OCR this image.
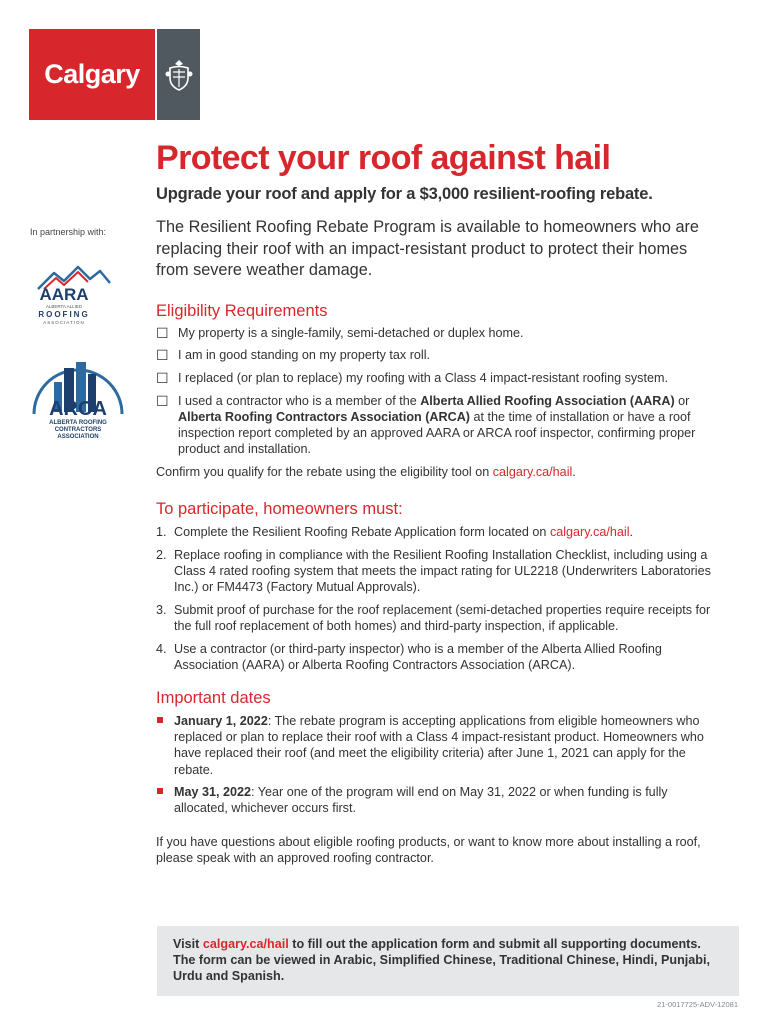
Calgary
In partnership with:
AARA
ALBERTA ALLIED
ROOFING
ASSOCIATION
ARCA
ALBERTA ROOFING
CONTRACTORS
ASSOCIATION
Protect your roof against hail
Upgrade your roof and apply for a $3,000 resilient-roofing rebate.
The Resilient Roofing Rebate Program is available to homeowners who are replacing their roof with an impact-resistant product to protect their homes from severe weather damage.
Eligibility Requirements
☐ My property is a single-family, semi-detached or duplex home.
☐ I am in good standing on my property tax roll.
☐ I replaced (or plan to replace) my roofing with a Class 4 impact-resistant roofing system.
☐ I used a contractor who is a member of the Alberta Allied Roofing Association (AARA) or Alberta Roofing Contractors Association (ARCA) at the time of installation or have a roof inspection report completed by an approved AARA or ARCA roof inspector, confirming proper product and installation.
Confirm you qualify for the rebate using the eligibility tool on calgary.ca/hail.
To participate, homeowners must:
1. Complete the Resilient Roofing Rebate Application form located on calgary.ca/hail.
2. Replace roofing in compliance with the Resilient Roofing Installation Checklist, including using a Class 4 rated roofing system that meets the impact rating for UL2218 (Underwriters Laboratories Inc.) or FM4473 (Factory Mutual Approvals).
3. Submit proof of purchase for the roof replacement (semi-detached properties require receipts for the full roof replacement of both homes) and third-party inspection, if applicable.
4. Use a contractor (or third-party inspector) who is a member of the Alberta Allied Roofing Association (AARA) or Alberta Roofing Contractors Association (ARCA).
Important dates
January 1, 2022: The rebate program is accepting applications from eligible homeowners who replaced or plan to replace their roof with a Class 4 impact-resistant product. Homeowners who have replaced their roof (and meet the eligibility criteria) after June 1, 2021 can apply for the rebate.
May 31, 2022: Year one of the program will end on May 31, 2022 or when funding is fully allocated, whichever occurs first.
If you have questions about eligible roofing products, or want to know more about installing a roof, please speak with an approved roofing contractor.
Visit calgary.ca/hail to fill out the application form and submit all supporting documents. The form can be viewed in Arabic, Simplified Chinese, Traditional Chinese, Hindi, Punjabi, Urdu and Spanish.
21-0017725-ADV-12081
